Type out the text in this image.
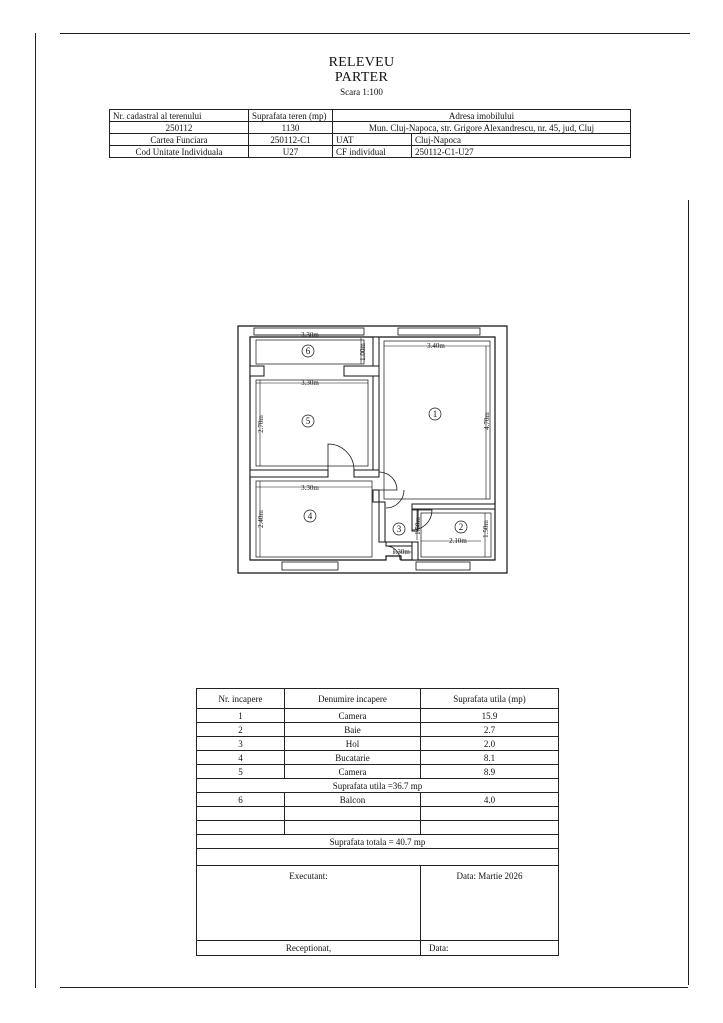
RELEVEU
PARTER
Scara 1:100
Nr. cadastral al terenului	Suprafata teren (mp)	Adresa imobilului	
250112	1130	Mun. Cluj-Napoca, str. Grigore Alexandrescu, nr. 45, jud, Cluj	
Cartea Funciara	250112-C1	UAT	Cluj-Napoca
Cod Unitate Individuala	U27	CF individual	250112-C1-U27
3.30m
1.00m	3.40m
4.70m
3.30m
2.70m
3.30m
2.40m	1.50m
1.30m
2.10m
1.50m
1
2
3
4
5
6
Nr. incapere	Denumire incapere	Suprafata utila (mp)
1	Camera	15.9
2	Baie	2.7
3	Hol	2.0
4	Bucatarie	8.1
5	Camera	8.9
Suprafata utila =36.7 mp		
6	Balcon	4.0

Suprafata totala = 40.7 mp		

Executant:		Data: Martie 2026
Receptionat,		Data:
